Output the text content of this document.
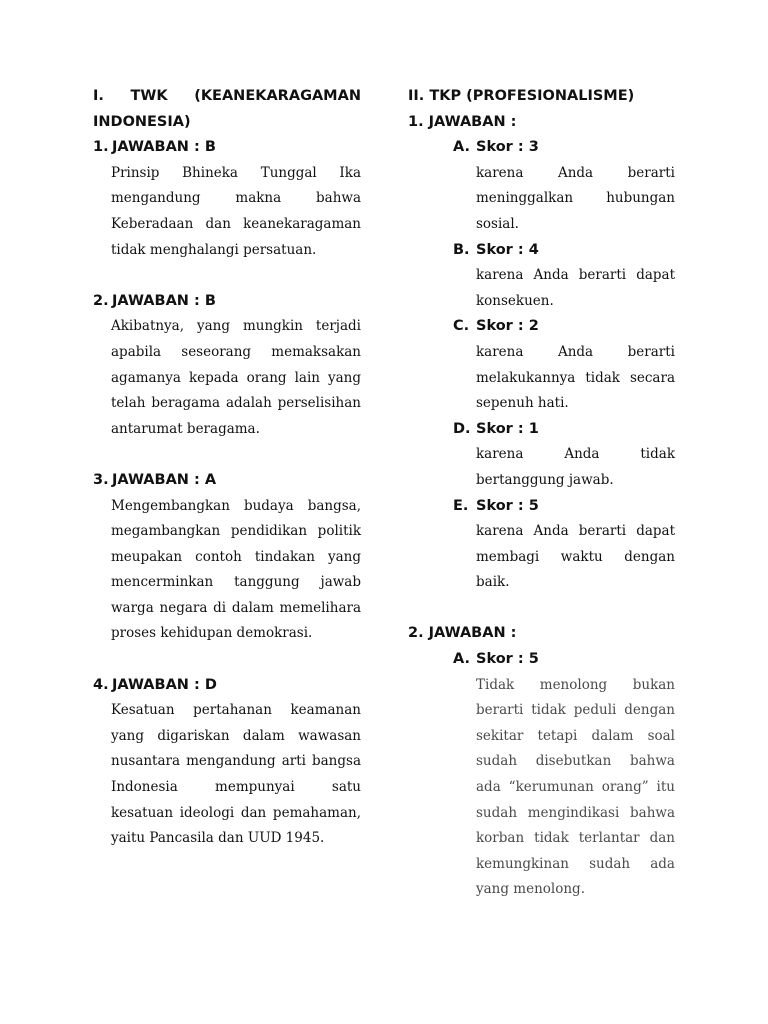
I. TWK (KEANEKARAGAMAN
INDONESIA)
1. JAWABAN : B
Prinsip Bhineka Tunggal Ika mengandung makna bahwa Keberadaan dan keanekaragaman tidak menghalangi persatuan.
2. JAWABAN : B
Akibatnya, yang mungkin terjadi apabila seseorang memaksakan agamanya kepada orang lain yang telah beragama adalah perselisihan antarumat beragama.
3. JAWABAN : A
Mengembangkan budaya bangsa, megambangkan pendidikan politik meupakan contoh tindakan yang mencerminkan tanggung jawab warga negara di dalam memelihara proses kehidupan demokrasi.
4. JAWABAN : D
Kesatuan pertahanan keamanan yang digariskan dalam wawasan nusantara mengandung arti bangsa Indonesia mempunyai satu kesatuan ideologi dan pemahaman, yaitu Pancasila dan UUD 1945.
II. TKP (PROFESIONALISME)
1. JAWABAN :
A. Skor : 3
karena Anda berarti meninggalkan hubungan sosial.
B. Skor : 4
karena Anda berarti dapat konsekuen.
C. Skor : 2
karena Anda berarti melakukannya tidak secara sepenuh hati.
D. Skor : 1
karena Anda tidak bertanggung jawab.
E. Skor : 5
karena Anda berarti dapat membagi waktu dengan baik.
2. JAWABAN :
A. Skor : 5
Tidak menolong bukan berarti tidak peduli dengan sekitar tetapi dalam soal sudah disebutkan bahwa ada “kerumunan orang” itu sudah mengindikasi bahwa korban tidak terlantar dan kemungkinan sudah ada yang menolong.
